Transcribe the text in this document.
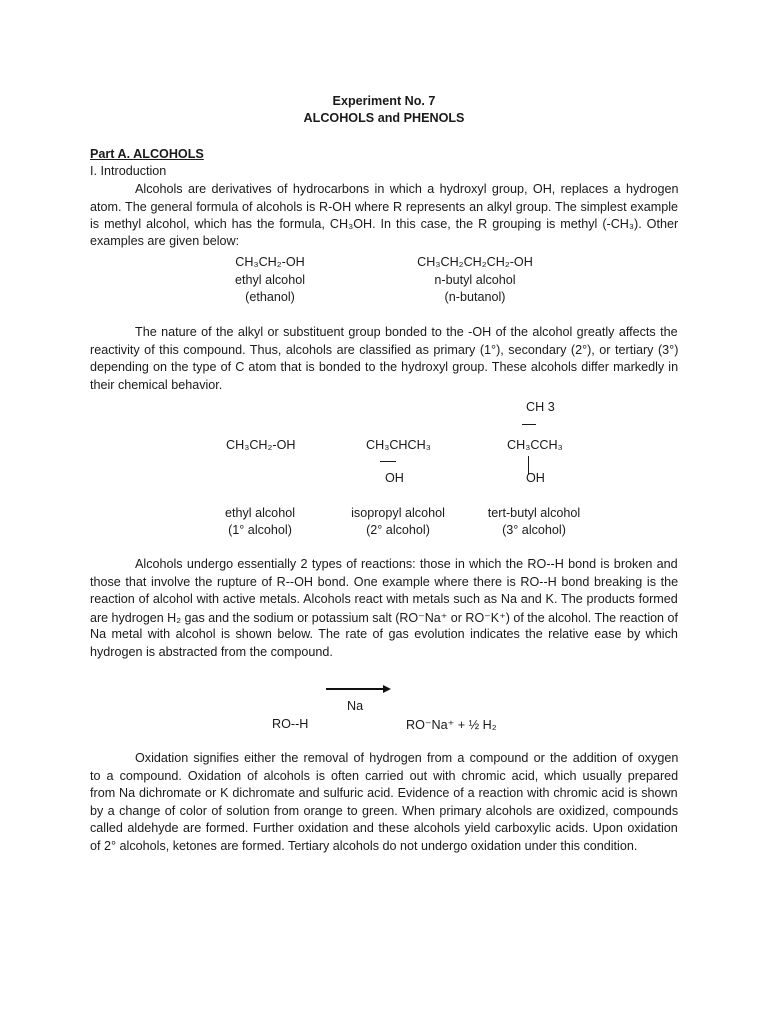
Experiment No. 7
ALCOHOLS and PHENOLS
Part A. ALCOHOLS
I. Introduction
Alcohols are derivatives of hydrocarbons in which a hydroxyl group, OH, replaces a hydrogen
atom. The general formula of alcohols is R-OH where R represents an alkyl group. The simplest example
is methyl alcohol, which has the formula, CH₃OH. In this case, the R grouping is methyl (-CH₃). Other
examples are given below:
CH₃CH₂-OH
ethyl alcohol
(ethanol)
CH₃CH₂CH₂CH₂-OH
n-butyl alcohol
(n-butanol)
The nature of the alkyl or substituent group bonded to the -OH of the alcohol greatly affects the
reactivity of this compound. Thus, alcohols are classified as primary (1°), secondary (2°), or tertiary (3°)
depending on the type of C atom that is bonded to the hydroxyl group. These alcohols differ markedly in
their chemical behavior.
CH 3
CH₃CH₂-OH	CH₃CHCH₃	CH₃CCH₃
OH	OH
ethyl alcohol
(1° alcohol)
isopropyl alcohol
(2° alcohol)
tert-butyl alcohol
(3° alcohol)
Alcohols undergo essentially 2 types of reactions: those in which the RO--H bond is broken and
those that involve the rupture of R--OH bond. One example where there is RO--H bond breaking is the
reaction of alcohol with active metals. Alcohols react with metals such as Na and K. The products formed
are hydrogen H₂ gas and the sodium or potassium salt (RO⁻Na⁺ or RO⁻K⁺) of the alcohol. The reaction of
Na metal with alcohol is shown below. The rate of gas evolution indicates the relative ease by which
hydrogen is abstracted from the compound.
Na
RO--H	RO⁻Na⁺ + ½ H₂
Oxidation signifies either the removal of hydrogen from a compound or the addition of oxygen
to a compound. Oxidation of alcohols is often carried out with chromic acid, which usually prepared
from Na dichromate or K dichromate and sulfuric acid. Evidence of a reaction with chromic acid is shown
by a change of color of solution from orange to green. When primary alcohols are oxidized, compounds
called aldehyde are formed. Further oxidation and these alcohols yield carboxylic acids. Upon oxidation
of 2° alcohols, ketones are formed. Tertiary alcohols do not undergo oxidation under this condition.
